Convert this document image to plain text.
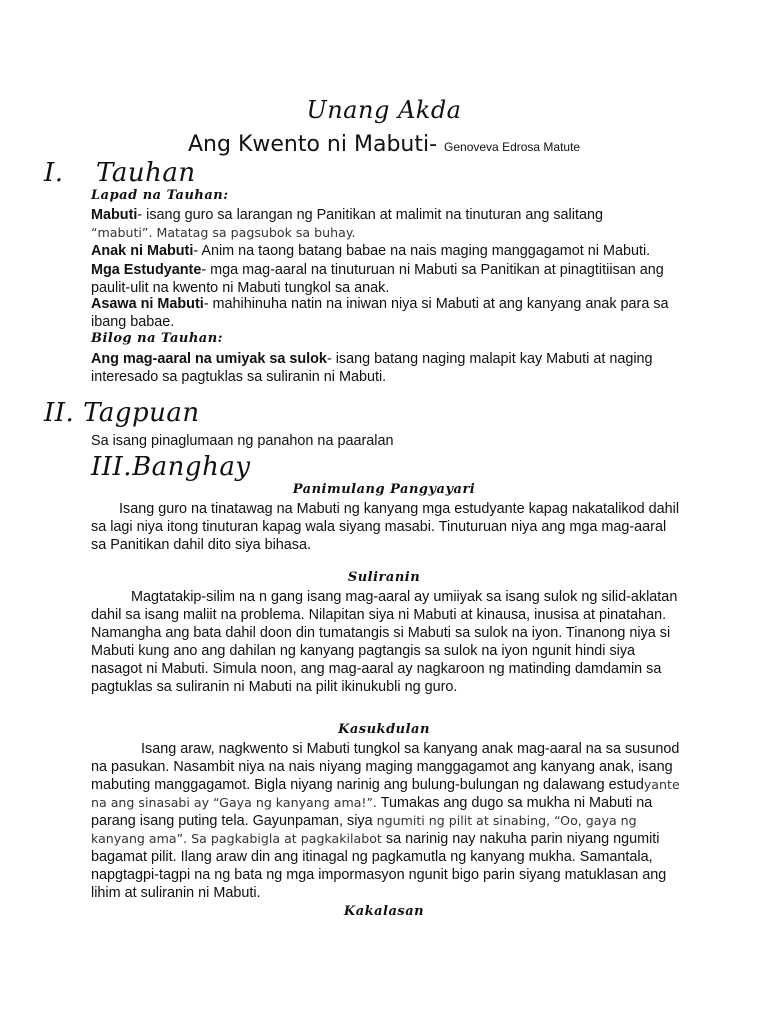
Unang Akda
Ang Kwento ni Mabuti- Genoveva Edrosa Matute
I. Tauhan
Lapad na Tauhan:

Mabuti- isang guro sa larangan ng Panitikan at malimit na tinuturan ang salitang
“mabuti”. Matatag sa pagsubok sa buhay.

Anak ni Mabuti- Anim na taong batang babae na nais maging manggagamot ni Mabuti.

Mga Estudyante- mga mag-aaral na tinuturuan ni Mabuti sa Panitikan at pinagtitiisan ang paulit-ulit na kwento ni Mabuti tungkol sa anak.

Asawa ni Mabuti- mahihinuha natin na iniwan niya si Mabuti at ang kanyang anak para sa ibang babae.

Bilog na Tauhan:

Ang mag-aaral na umiyak sa sulok- isang batang naging malapit kay Mabuti at naging interesado sa pagtuklas sa suliranin ni Mabuti.

II. Tagpuan

Sa isang pinaglumaan ng panahon na paaralan

III.Banghay
Panimulang Pangyayari

Isang guro na tinatawag na Mabuti ng kanyang mga estudyante kapag nakatalikod dahil sa lagi niya itong tinuturan kapag wala siyang masabi. Tinuturuan niya ang mga mag-aaral sa Panitikan dahil dito siya bihasa.

Suliranin

Magtatakip-silim na n gang isang mag-aaral ay umiiyak sa isang sulok ng silid-aklatan dahil sa isang maliit na problema. Nilapitan siya ni Mabuti at kinausa, inusisa at pinatahan. Namangha ang bata dahil doon din tumatangis si Mabuti sa sulok na iyon. Tinanong niya si Mabuti kung ano ang dahilan ng kanyang pagtangis sa sulok na iyon ngunit hindi siya nasagot ni Mabuti. Simula noon, ang mag-aaral ay nagkaroon ng matinding damdamin sa pagtuklas sa suliranin ni Mabuti na pilit ikinukubli ng guro.

Kasukdulan

Isang araw, nagkwento si Mabuti tungkol sa kanyang anak mag-aaral na sa susunod na pasukan. Nasambit niya na nais niyang maging manggagamot ang kanyang anak, isang mabuting manggagamot. Bigla niyang narinig ang bulung-bulungan ng dalawang estudyante na ang sinasabi ay “Gaya ng kanyang ama!”. Tumakas ang dugo sa mukha ni Mabuti na parang isang puting tela. Gayunpaman, siya ngumiti ng pilit at sinabing, “Oo, gaya ng kanyang ama”. Sa pagkabigla at pagkakilabot sa narinig nay nakuha parin niyang ngumiti bagamat pilit. Ilang araw din ang itinagal ng pagkamutla ng kanyang mukha. Samantala, napgtagpi-tagpi na ng bata ng mga impormasyon ngunit bigo parin siyang matuklasan ang lihim at suliranin ni Mabuti.

Kakalasan
